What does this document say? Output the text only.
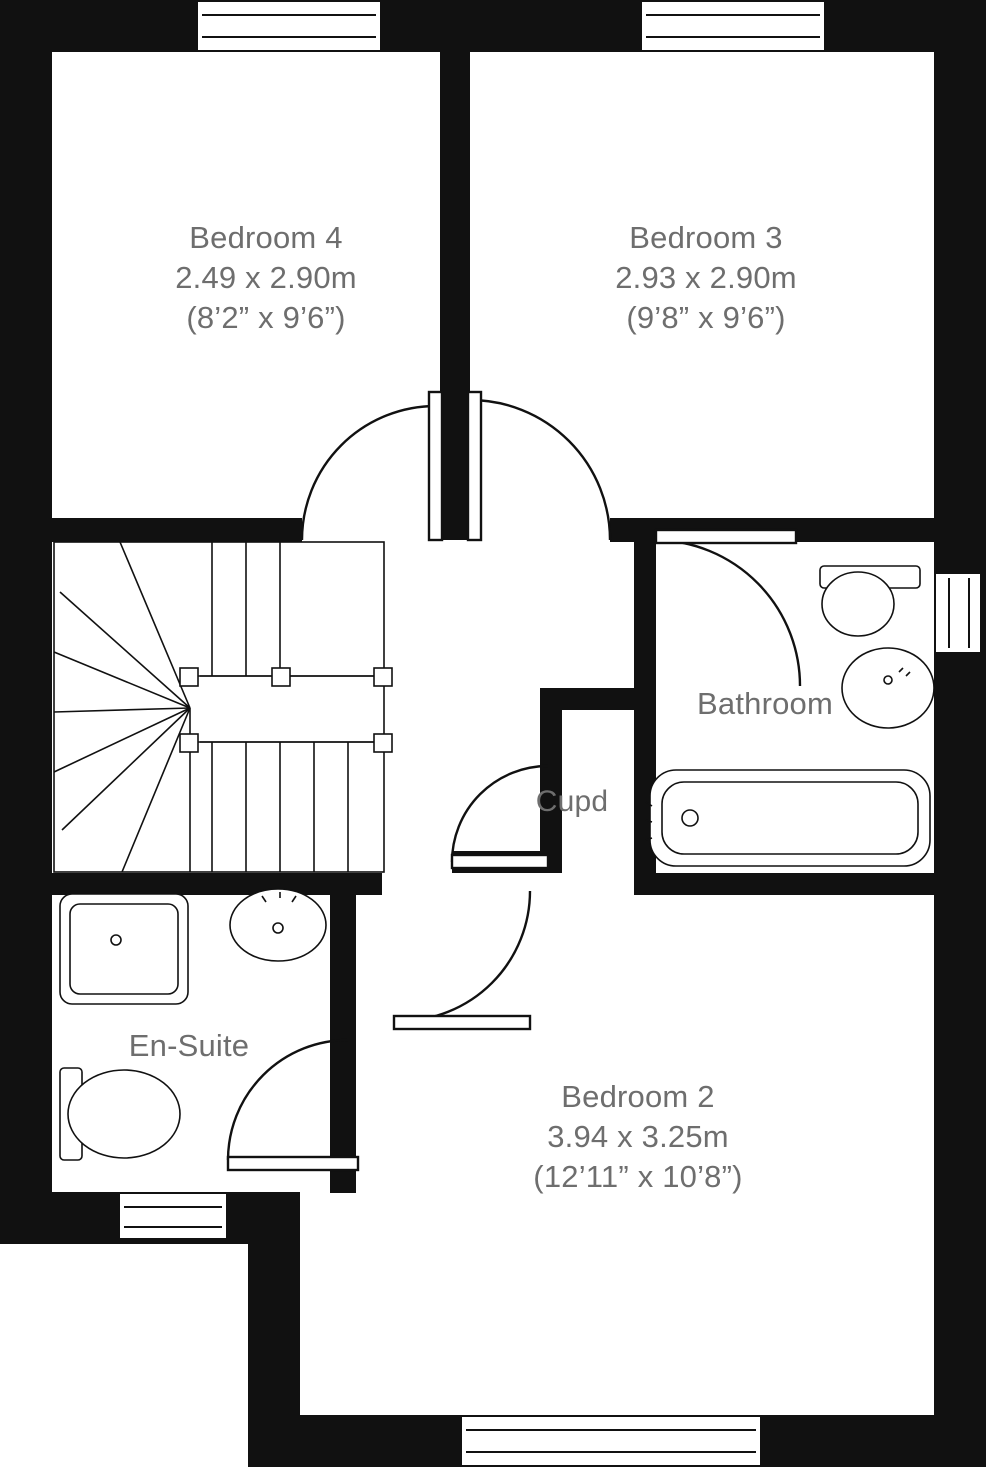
Bedroom 4
2.49 x 2.90m
(8’2” x 9’6”)
Bedroom 3
2.93 x 2.90m
(9’8” x 9’6”)
Bedroom 2
3.94 x 3.25m
(12’11” x 10’8”)
Bathroom
En-Suite
Cupd
